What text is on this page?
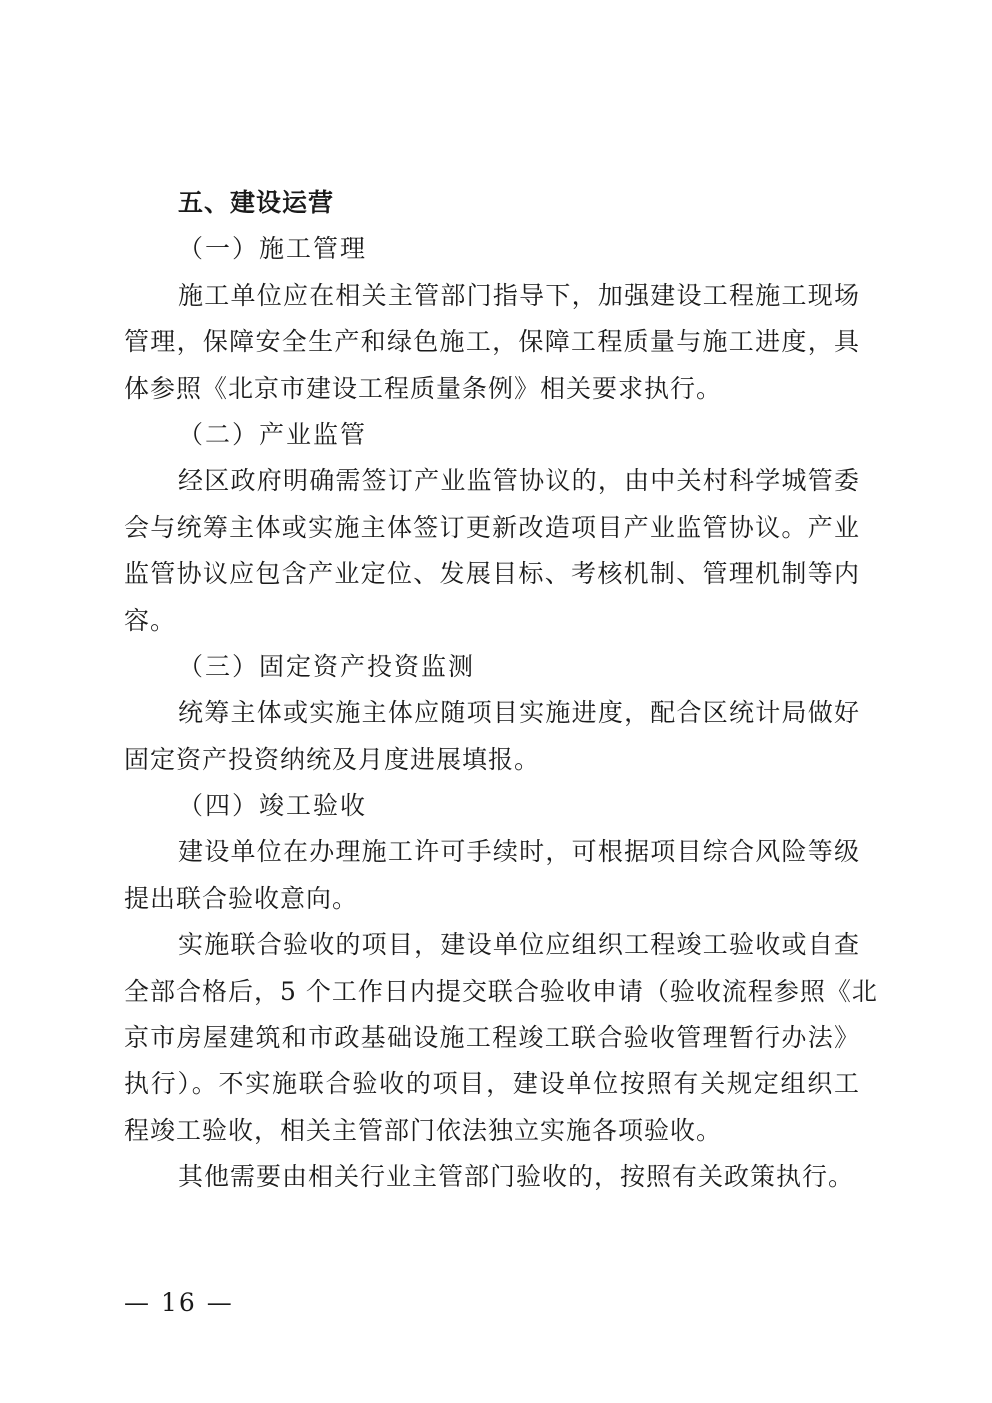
五、建设运营
（一）施工管理
施工单位应在相关主管部门指导下，加强建设工程施工现场
管理，保障安全生产和绿色施工，保障工程质量与施工进度，具
体参照《北京市建设工程质量条例》相关要求执行。
（二）产业监管
经区政府明确需签订产业监管协议的，由中关村科学城管委
会与统筹主体或实施主体签订更新改造项目产业监管协议。产业
监管协议应包含产业定位、发展目标、考核机制、管理机制等内
容。
（三）固定资产投资监测
统筹主体或实施主体应随项目实施进度，配合区统计局做好
固定资产投资纳统及月度进展填报。
（四）竣工验收
建设单位在办理施工许可手续时，可根据项目综合风险等级
提出联合验收意向。
实施联合验收的项目，建设单位应组织工程竣工验收或自查
全部合格后，5 个工作日内提交联合验收申请（验收流程参照《北
京市房屋建筑和市政基础设施工程竣工联合验收管理暂行办法》
执行）。不实施联合验收的项目，建设单位按照有关规定组织工
程竣工验收，相关主管部门依法独立实施各项验收。
其他需要由相关行业主管部门验收的，按照有关政策执行。
— 16 —
